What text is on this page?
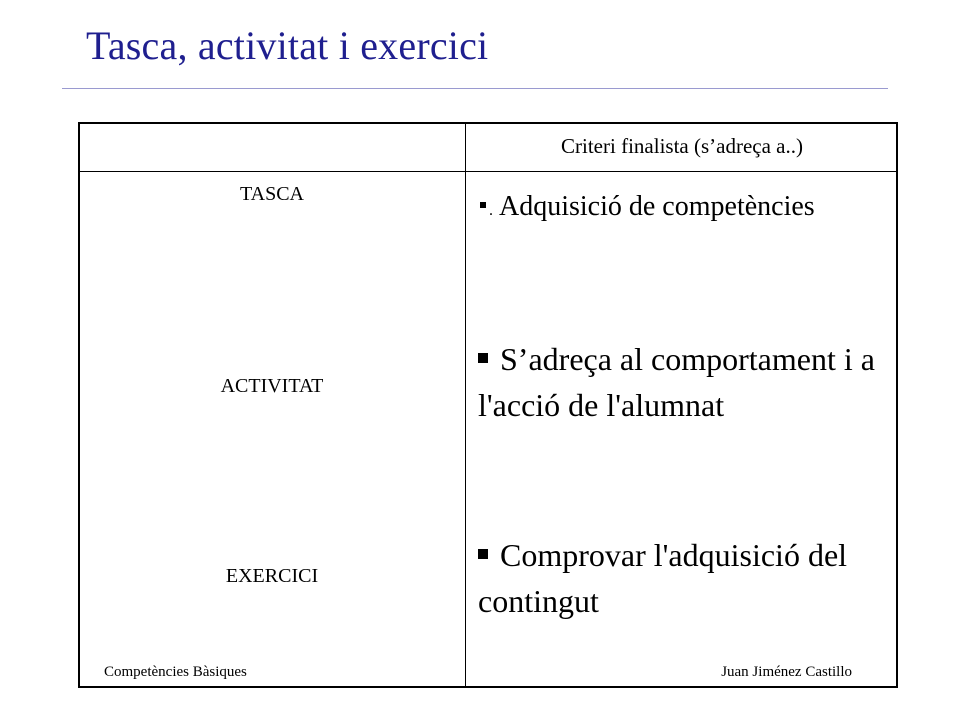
Tasca, activitat i exercici
Criteri finalista (s’adreça a..)
TASCA
ACTIVITAT
EXERCICI
. Adquisició de competències
S’adreça al comportament i a l'acció de l'alumnat
Comprovar l'adquisició del contingut
Competències Bàsiques	Juan Jiménez Castillo
